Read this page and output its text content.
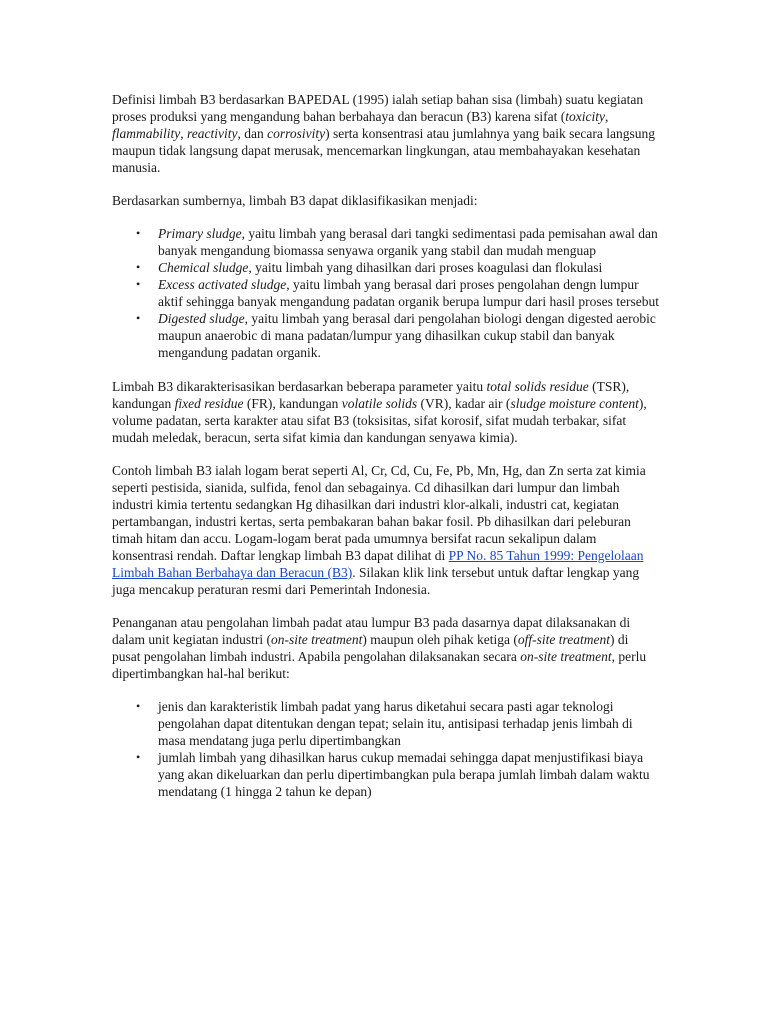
Definisi limbah B3 berdasarkan BAPEDAL (1995) ialah setiap bahan sisa (limbah) suatu kegiatan proses produksi yang mengandung bahan berbahaya dan beracun (B3) karena sifat (toxicity, flammability, reactivity, dan corrosivity) serta konsentrasi atau jumlahnya yang baik secara langsung maupun tidak langsung dapat merusak, mencemarkan lingkungan, atau membahayakan kesehatan manusia.

Berdasarkan sumbernya, limbah B3 dapat diklasifikasikan menjadi:

• Primary sludge, yaitu limbah yang berasal dari tangki sedimentasi pada pemisahan awal dan banyak mengandung biomassa senyawa organik yang stabil dan mudah menguap
• Chemical sludge, yaitu limbah yang dihasilkan dari proses koagulasi dan flokulasi
• Excess activated sludge, yaitu limbah yang berasal dari proses pengolahan dengn lumpur aktif sehingga banyak mengandung padatan organik berupa lumpur dari hasil proses tersebut
• Digested sludge, yaitu limbah yang berasal dari pengolahan biologi dengan digested aerobic maupun anaerobic di mana padatan/lumpur yang dihasilkan cukup stabil dan banyak mengandung padatan organik.

Limbah B3 dikarakterisasikan berdasarkan beberapa parameter yaitu total solids residue (TSR), kandungan fixed residue (FR), kandungan volatile solids (VR), kadar air (sludge moisture content), volume padatan, serta karakter atau sifat B3 (toksisitas, sifat korosif, sifat mudah terbakar, sifat mudah meledak, beracun, serta sifat kimia dan kandungan senyawa kimia).

Contoh limbah B3 ialah logam berat seperti Al, Cr, Cd, Cu, Fe, Pb, Mn, Hg, dan Zn serta zat kimia seperti pestisida, sianida, sulfida, fenol dan sebagainya. Cd dihasilkan dari lumpur dan limbah industri kimia tertentu sedangkan Hg dihasilkan dari industri klor-alkali, industri cat, kegiatan pertambangan, industri kertas, serta pembakaran bahan bakar fosil. Pb dihasilkan dari peleburan timah hitam dan accu. Logam-logam berat pada umumnya bersifat racun sekalipun dalam konsentrasi rendah. Daftar lengkap limbah B3 dapat dilihat di PP No. 85 Tahun 1999: Pengelolaan Limbah Bahan Berbahaya dan Beracun (B3). Silakan klik link tersebut untuk daftar lengkap yang juga mencakup peraturan resmi dari Pemerintah Indonesia.

Penanganan atau pengolahan limbah padat atau lumpur B3 pada dasarnya dapat dilaksanakan di dalam unit kegiatan industri (on-site treatment) maupun oleh pihak ketiga (off-site treatment) di pusat pengolahan limbah industri. Apabila pengolahan dilaksanakan secara on-site treatment, perlu dipertimbangkan hal-hal berikut:

• jenis dan karakteristik limbah padat yang harus diketahui secara pasti agar teknologi pengolahan dapat ditentukan dengan tepat; selain itu, antisipasi terhadap jenis limbah di masa mendatang juga perlu dipertimbangkan
• jumlah limbah yang dihasilkan harus cukup memadai sehingga dapat menjustifikasi biaya yang akan dikeluarkan dan perlu dipertimbangkan pula berapa jumlah limbah dalam waktu mendatang (1 hingga 2 tahun ke depan)
